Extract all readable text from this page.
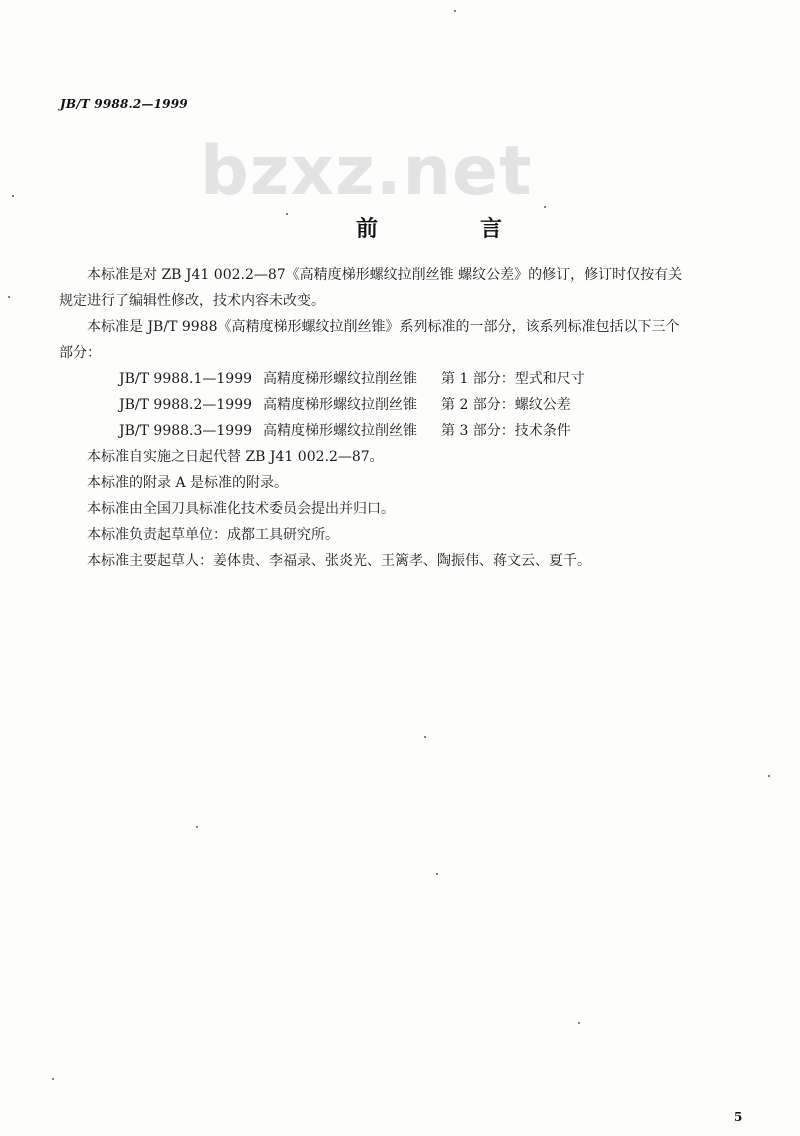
JB/T 9988.2—1999
bzxz.net
前　言

本标准是对 ZB J41 002.2—87《高精度梯形螺纹拉削丝锥 螺纹公差》的修订，修订时仅按有关

规定进行了编辑性修改，技术内容未改变。

本标准是 JB/T 9988《高精度梯形螺纹拉削丝锥》系列标准的一部分，该系列标准包括以下三个

部分：

JB/T 9988.1—1999 高精度梯形螺纹拉削丝锥 第 1 部分：型式和尺寸

JB/T 9988.2—1999 高精度梯形螺纹拉削丝锥 第 2 部分：螺纹公差

JB/T 9988.3—1999 高精度梯形螺纹拉削丝锥 第 3 部分：技术条件

本标准自实施之日起代替 ZB J41 002.2—87。

本标准的附录 A 是标准的附录。

本标准由全国刀具标准化技术委员会提出并归口。

本标准负责起草单位：成都工具研究所。

本标准主要起草人：姜体贵、李福录、张炎光、王篱孝、陶振伟、蒋文云、夏千。

5
